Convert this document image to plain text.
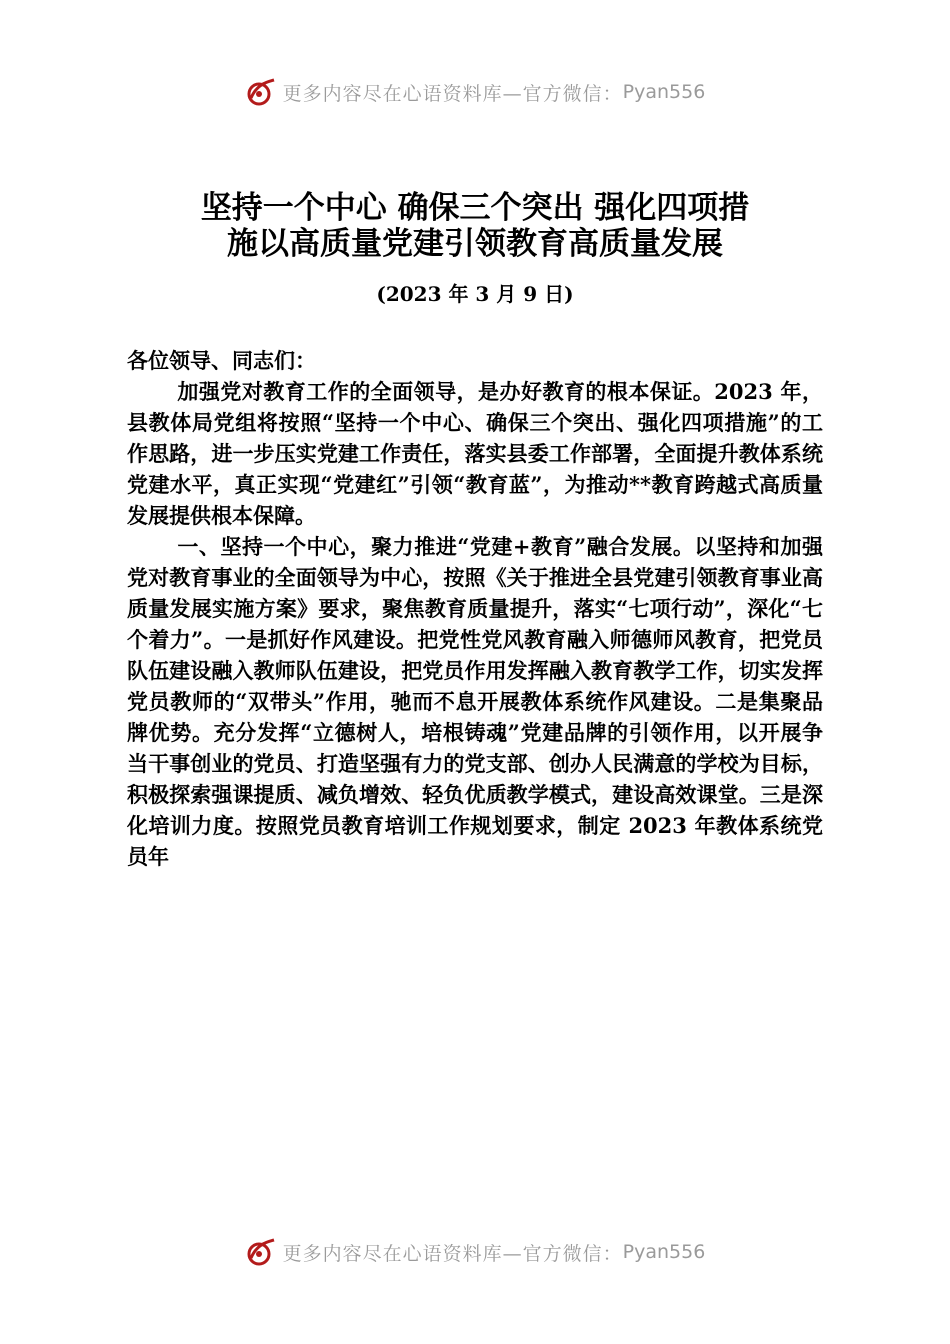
更多内容尽在心语资料库—官方微信： Pyan556
坚持一个中心 确保三个突出 强化四项措
施以高质量党建引领教育高质量发展
(2023 年 3 月 9 日)

各位领导、同志们：

加强党对教育工作的全面领导，是办好教育的根本保证。2023 年，县教体局党组将按照“坚持一个中心、确保三个突出、强化四项措施”的工作思路，进一步压实党建工作责任，落实县委工作部署，全面提升教体系统党建水平，真正实现“党建红”引领“教育蓝”，为推动**教育跨越式高质量发展提供根本保障。

一、坚持一个中心，聚力推进“党建+教育”融合发展。以坚持和加强党对教育事业的全面领导为中心，按照《关于推进全县党建引领教育事业高质量发展实施方案》要求，聚焦教育质量提升，落实“七项行动”，深化“七个着力”。一是抓好作风建设。把党性党风教育融入师德师风教育，把党员队伍建设融入教师队伍建设，把党员作用发挥融入教育教学工作，切实发挥党员教师的“双带头”作用，驰而不息开展教体系统作风建设。二是集聚品牌优势。充分发挥“立德树人，培根铸魂”党建品牌的引领作用，以开展争当干事创业的党员、打造坚强有力的党支部、创办人民满意的学校为目标，积极探索强课提质、减负增效、轻负优质教学模式，建设高效课堂。三是深化培训力度。按照党员教育培训工作规划要求，制定 2023 年教体系统党员年

更多内容尽在心语资料库—官方微信： Pyan556
